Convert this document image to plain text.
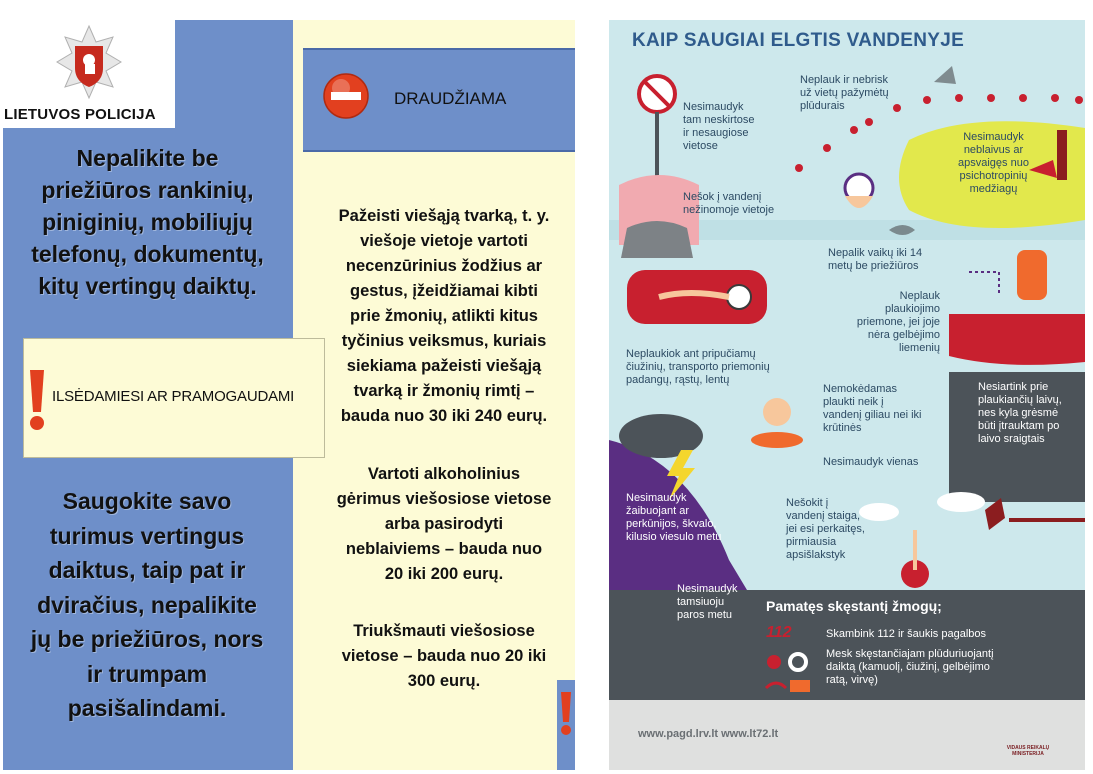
LIETUVOS POLICIJA
Nepalikite be
priežiūros rankinių,
piniginių, mobiliųjų
telefonų, dokumentų,
kitų vertingų daiktų.
ILSĖDAMIESI AR PRAMOGAUDAMI
Saugokite savo
turimus vertingus
daiktus, taip pat ir
dviračius, nepalikite
jų be priežiūros, nors
ir trumpam
pasišalindami.
DRAUDŽIAMA
Pažeisti viešąją tvarką, t. y.
viešoje vietoje vartoti
necenzūrinius žodžius ar
gestus, įžeidžiamai kibti
prie žmonių, atlikti kitus
tyčinius veiksmus, kuriais
siekiama pažeisti viešąją
tvarką ir žmonių rimtį –
bauda nuo 30 iki 240 eurų.
Vartoti alkoholinius
gėrimus viešosiose vietose
arba pasirodyti
neblaiviems – bauda nuo
20 iki 200 eurų.
Triukšmauti viešosiose
vietose – bauda nuo 20 iki
300 eurų.
KAIP SAUGIAI ELGTIS VANDENYJE
Nesimaudyk
tam neskirtose
ir nesaugiose
vietose
Neplauk ir nebrisk
už vietų pažymėtų
plūdurais
Nesimaudyk
neblaivus ar
apsvaigęs nuo
psichotropinių
medžiagų
Nešok į vandenį
nežinomoje vietoje
Nepalik vaikų iki 14
metų be priežiūros
Neplauk
plaukiojimo
priemone, jei joje
nėra gelbėjimo
liemenių
Neplaukiok ant pripučiamų
čiužinių, transporto priemonių
padangų, rąstų, lentų
Nemokėdamas
plaukti neik į
vandenį giliau nei iki
krūtinės
Nesimaudyk vienas
Nesiartink prie
plaukiančių laivų,
nes kyla grėsmė
būti įtrauktam po
laivo sraigtais
Nesimaudyk
žaibuojant ar
perkūnijos, škvalo,
kilusio viesulo metu
Nešokit į
vandenį staiga,
jei esi perkaitęs,
pirmiausia
apsišlakstyk
Nesimaudyk
tamsiuoju
paros metu
Pamatęs skęstantį žmogų;
112	Skambink 112 ir šaukis pagalbos
Mesk skęstančiajam plūduriuojantį
daiktą (kamuolį, čiužinį, gelbėjimo
ratą, virvę)
www.pagd.lrv.lt www.lt72.lt
VIDAUS REIKALŲ MINISTERIJA
